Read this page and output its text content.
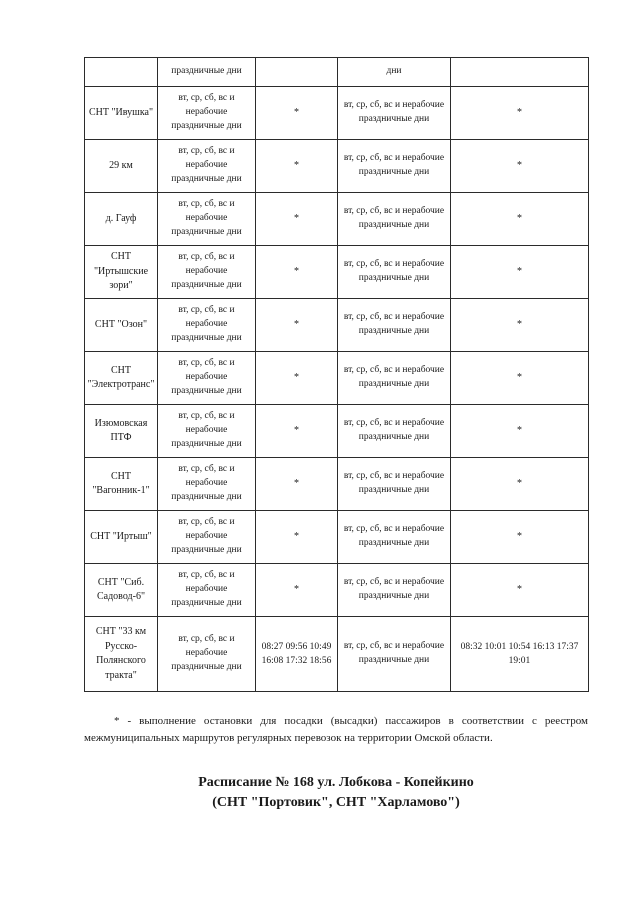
	праздничные дни		дни	
СНТ "Ивушка"	вт, ср, сб, вс и нерабочие праздничные дни	*	вт, ср, сб, вс и нерабочие праздничные дни	*
29 км	вт, ср, сб, вс и нерабочие праздничные дни	*	вт, ср, сб, вс и нерабочие праздничные дни	*
д. Гауф	вт, ср, сб, вс и нерабочие праздничные дни	*	вт, ср, сб, вс и нерабочие праздничные дни	*
СНТ "Иртышские зори"	вт, ср, сб, вс и нерабочие праздничные дни	*	вт, ср, сб, вс и нерабочие праздничные дни	*
СНТ "Озон"	вт, ср, сб, вс и нерабочие праздничные дни	*	вт, ср, сб, вс и нерабочие праздничные дни	*
СНТ "Электротранс"	вт, ср, сб, вс и нерабочие праздничные дни	*	вт, ср, сб, вс и нерабочие праздничные дни	*
Изюмовская ПТФ	вт, ср, сб, вс и нерабочие праздничные дни	*	вт, ср, сб, вс и нерабочие праздничные дни	*
СНТ "Вагонник-1"	вт, ср, сб, вс и нерабочие праздничные дни	*	вт, ср, сб, вс и нерабочие праздничные дни	*
СНТ "Иртыш"	вт, ср, сб, вс и нерабочие праздничные дни	*	вт, ср, сб, вс и нерабочие праздничные дни	*
СНТ "Сиб. Садовод-6"	вт, ср, сб, вс и нерабочие праздничные дни	*	вт, ср, сб, вс и нерабочие праздничные дни	*
СНТ "33 км Русско-Полянского тракта"	вт, ср, сб, вс и нерабочие праздничные дни	08:27 09:56 10:49 16:08 17:32 18:56	вт, ср, сб, вс и нерабочие праздничные дни	08:32 10:01 10:54 16:13 17:37 19:01
* - выполнение остановки для посадки (высадки) пассажиров в соответствии с реестром межмуниципальных маршрутов регулярных перевозок на территории Омской области.
Расписание № 168 ул. Лобкова - Копейкино
(СНТ "Портовик", СНТ "Харламово")
